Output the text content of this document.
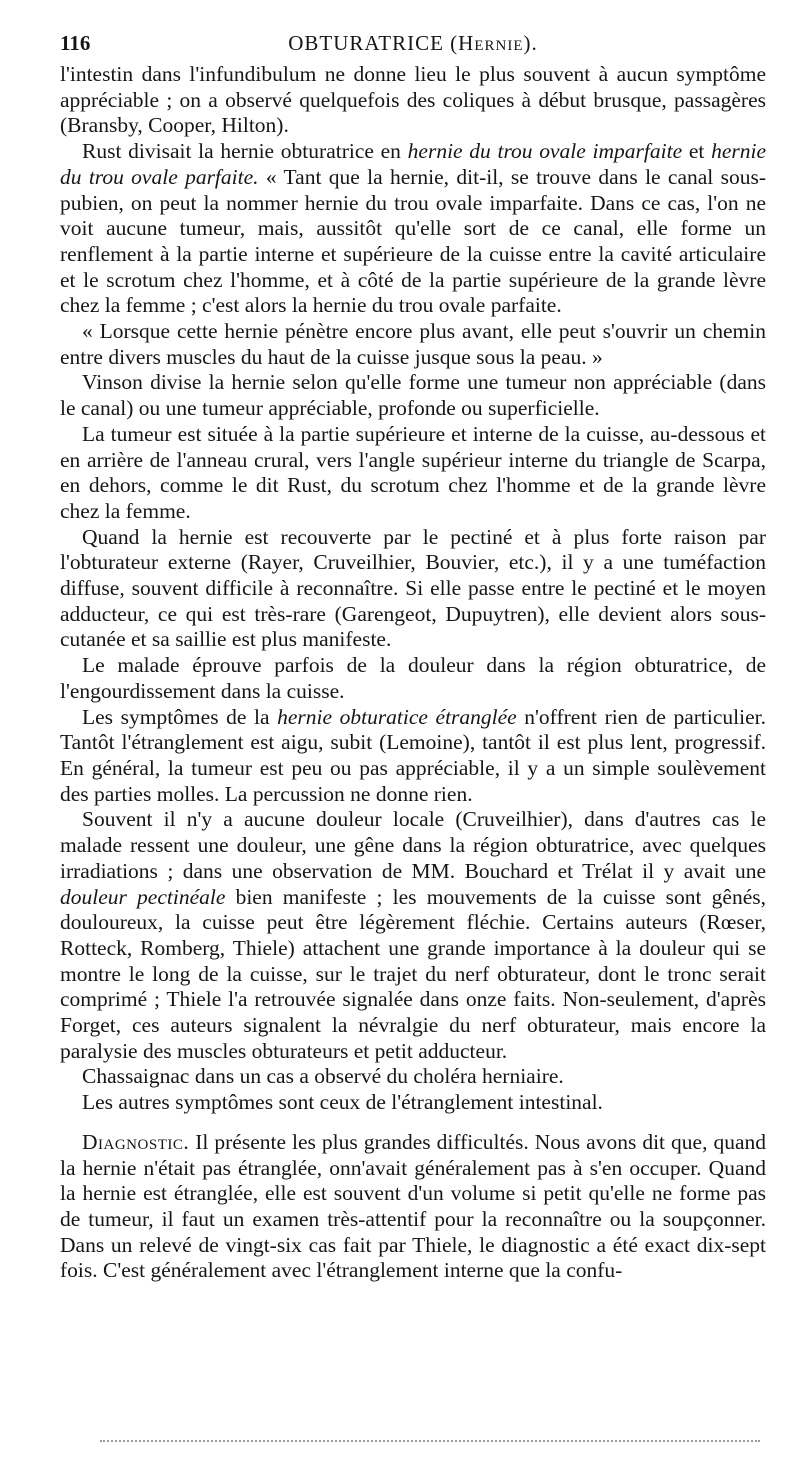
116	OBTURATRICE (Hernie).

l'intestin dans l'infundibulum ne donne lieu le plus souvent à aucun symptôme appréciable ; on a observé quelquefois des coliques à début brusque, passagères (Bransby, Cooper, Hilton).

Rust divisait la hernie obturatrice en hernie du trou ovale imparfaite et hernie du trou ovale parfaite. « Tant que la hernie, dit-il, se trouve dans le canal sous-pubien, on peut la nommer hernie du trou ovale imparfaite. Dans ce cas, l'on ne voit aucune tumeur, mais, aussitôt qu'elle sort de ce canal, elle forme un renflement à la partie interne et supérieure de la cuisse entre la cavité articulaire et le scrotum chez l'homme, et à côté de la partie supérieure de la grande lèvre chez la femme ; c'est alors la hernie du trou ovale parfaite.

« Lorsque cette hernie pénètre encore plus avant, elle peut s'ouvrir un chemin entre divers muscles du haut de la cuisse jusque sous la peau. »

Vinson divise la hernie selon qu'elle forme une tumeur non appréciable (dans le canal) ou une tumeur appréciable, profonde ou superficielle.

La tumeur est située à la partie supérieure et interne de la cuisse, au-dessous et en arrière de l'anneau crural, vers l'angle supérieur interne du triangle de Scarpa, en dehors, comme le dit Rust, du scrotum chez l'homme et de la grande lèvre chez la femme.

Quand la hernie est recouverte par le pectiné et à plus forte raison par l'obturateur externe (Rayer, Cruveilhier, Bouvier, etc.), il y a une tuméfaction diffuse, souvent difficile à reconnaître. Si elle passe entre le pectiné et le moyen adducteur, ce qui est très-rare (Garengeot, Dupuytren), elle devient alors sous-cutanée et sa saillie est plus manifeste.

Le malade éprouve parfois de la douleur dans la région obturatrice, de l'engourdissement dans la cuisse.

Les symptômes de la hernie obturatice étranglée n'offrent rien de particulier. Tantôt l'étranglement est aigu, subit (Lemoine), tantôt il est plus lent, progressif. En général, la tumeur est peu ou pas appréciable, il y a un simple soulèvement des parties molles. La percussion ne donne rien.

Souvent il n'y a aucune douleur locale (Cruveilhier), dans d'autres cas le malade ressent une douleur, une gêne dans la région obturatrice, avec quelques irradiations ; dans une observation de MM. Bouchard et Trélat il y avait une douleur pectinéale bien manifeste ; les mouvements de la cuisse sont gênés, douloureux, la cuisse peut être légèrement fléchie. Certains auteurs (Rœser, Rotteck, Romberg, Thiele) attachent une grande importance à la douleur qui se montre le long de la cuisse, sur le trajet du nerf obturateur, dont le tronc serait comprimé ; Thiele l'a retrouvée signalée dans onze faits. Non-seulement, d'après Forget, ces auteurs signalent la névralgie du nerf obturateur, mais encore la paralysie des muscles obturateurs et petit adducteur.

Chassaignac dans un cas a observé du choléra herniaire.

Les autres symptômes sont ceux de l'étranglement intestinal.

Diagnostic. Il présente les plus grandes difficultés. Nous avons dit que, quand la hernie n'était pas étranglée, onn'avait généralement pas à s'en occuper. Quand la hernie est étranglée, elle est souvent d'un volume si petit qu'elle ne forme pas de tumeur, il faut un examen très-attentif pour la reconnaître ou la soupçonner. Dans un relevé de vingt-six cas fait par Thiele, le diagnostic a été exact dix-sept fois. C'est généralement avec l'étranglement interne que la confu-
